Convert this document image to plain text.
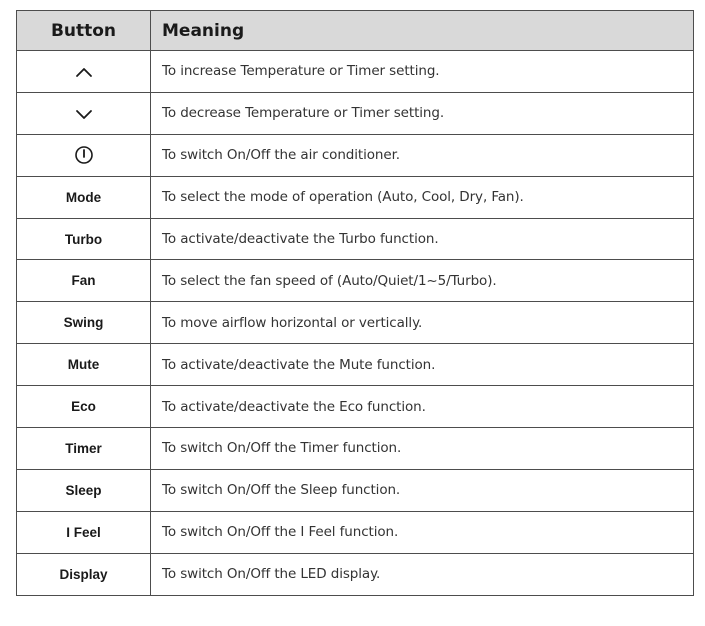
Button	Meaning

	To increase Temperature or Timer setting.

	To decrease Temperature or Timer setting.

	To switch On/Off the air conditioner.
Mode	To select the mode of operation (Auto, Cool, Dry, Fan).
Turbo	To activate/deactivate the Turbo function.
Fan	To select the fan speed of (Auto/Quiet/1~5/Turbo).
Swing	To move airflow horizontal or vertically.
Mute	To activate/deactivate the Mute function.
Eco	To activate/deactivate the Eco function.
Timer	To switch On/Off the Timer function.
Sleep	To switch On/Off the Sleep function.
I Feel	To switch On/Off the I Feel function.
Display	To switch On/Off the LED display.
